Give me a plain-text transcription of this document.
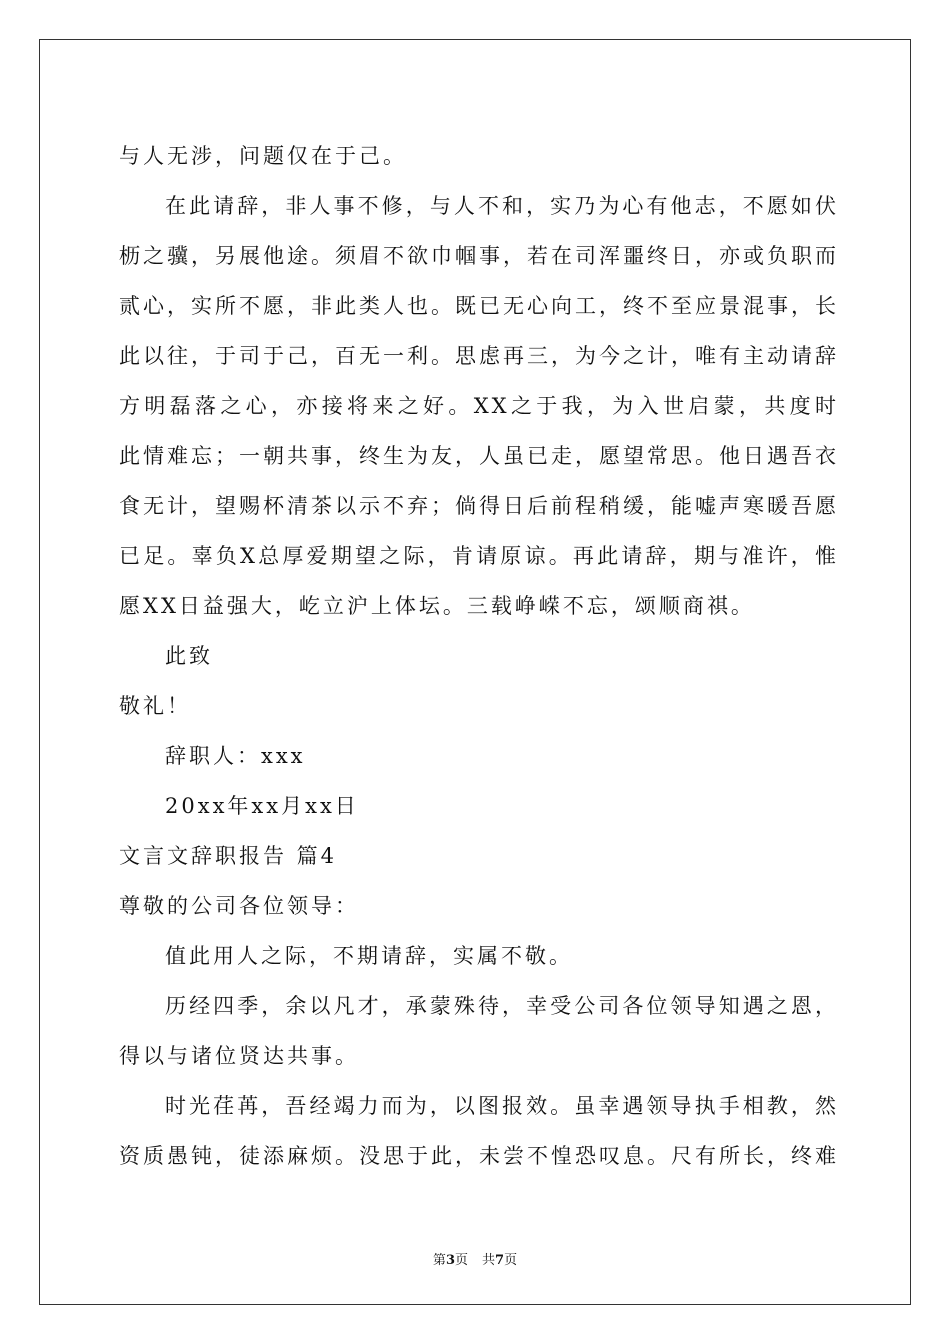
与人无涉，问题仅在于己。
在此请辞，非人事不修，与人不和，实乃为心有他志，不愿如伏
枥之骥，另展他途。须眉不欲巾帼事，若在司浑噩终日，亦或负职而
贰心，实所不愿，非此类人也。既已无心向工，终不至应景混事，长
此以往，于司于己，百无一利。思虑再三，为今之计，唯有主动请辞
方明磊落之心，亦接将来之好。XX之于我，为入世启蒙，共度时
此情难忘；一朝共事，终生为友，人虽已走，愿望常思。他日遇吾衣
食无计，望赐杯清茶以示不弃；倘得日后前程稍缓，能嘘声寒暖吾愿
已足。辜负X总厚爱期望之际，肯请原谅。再此请辞，期与准许，惟
愿XX日益强大，屹立沪上体坛。三载峥嵘不忘，颂顺商祺。
此致
敬礼！
辞职人：xxx
20xx年xx月xx日
文言文辞职报告 篇4
尊敬的公司各位领导：
值此用人之际，不期请辞，实属不敬。
历经四季，余以凡才，承蒙殊待，幸受公司各位领导知遇之恩，
得以与诸位贤达共事。
时光荏苒，吾经竭力而为，以图报效。虽幸遇领导执手相教，然
资质愚钝，徒添麻烦。没思于此，未尝不惶恐叹息。尺有所长，终难
第3页 共7页
